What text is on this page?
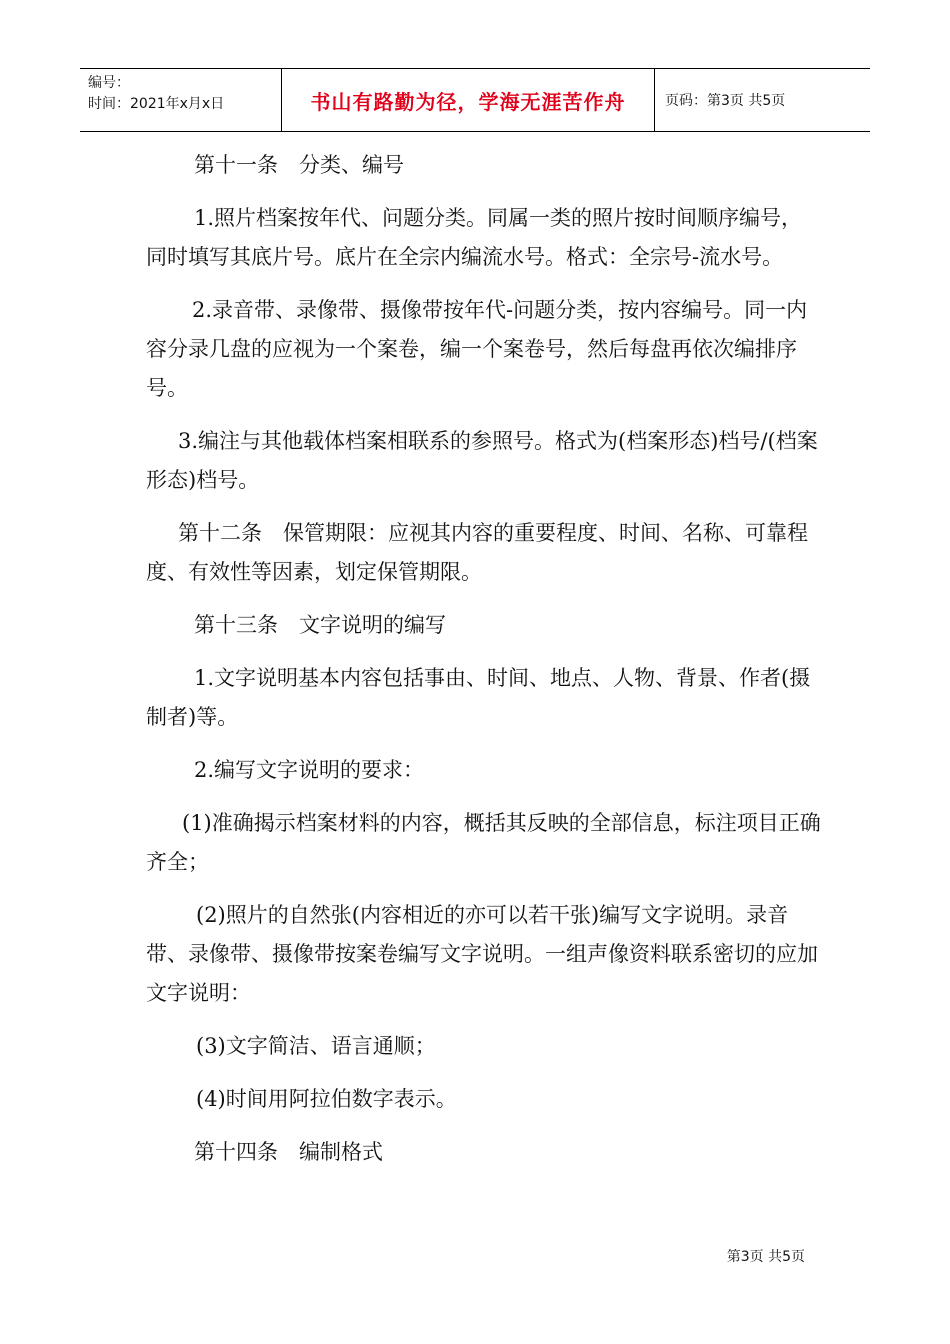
编号：
时间：2021年x月x日	书山有路勤为径，学海无涯苦作舟	页码：第3页 共5页

第十一条　分类、编号

1.照片档案按年代、问题分类。同属一类的照片按时间顺序编号，同时填写其底片号。底片在全宗内编流水号。格式：全宗号-流水号。

2.录音带、录像带、摄像带按年代-问题分类，按内容编号。同一内容分录几盘的应视为一个案卷，编一个案卷号，然后每盘再依次编排序号。

3.编注与其他载体档案相联系的参照号。格式为(档案形态)档号/(档案形态)档号。

第十二条　保管期限：应视其内容的重要程度、时间、名称、可靠程度、有效性等因素，划定保管期限。

第十三条　文字说明的编写

1.文字说明基本内容包括事由、时间、地点、人物、背景、作者(摄制者)等。

2.编写文字说明的要求：

(1)准确揭示档案材料的内容，概括其反映的全部信息，标注项目正确齐全；

(2)照片的自然张(内容相近的亦可以若干张)编写文字说明。录音带、录像带、摄像带按案卷编写文字说明。一组声像资料联系密切的应加文字说明：

(3)文字简洁、语言通顺；

(4)时间用阿拉伯数字表示。

第十四条　编制格式

第3页 共5页
